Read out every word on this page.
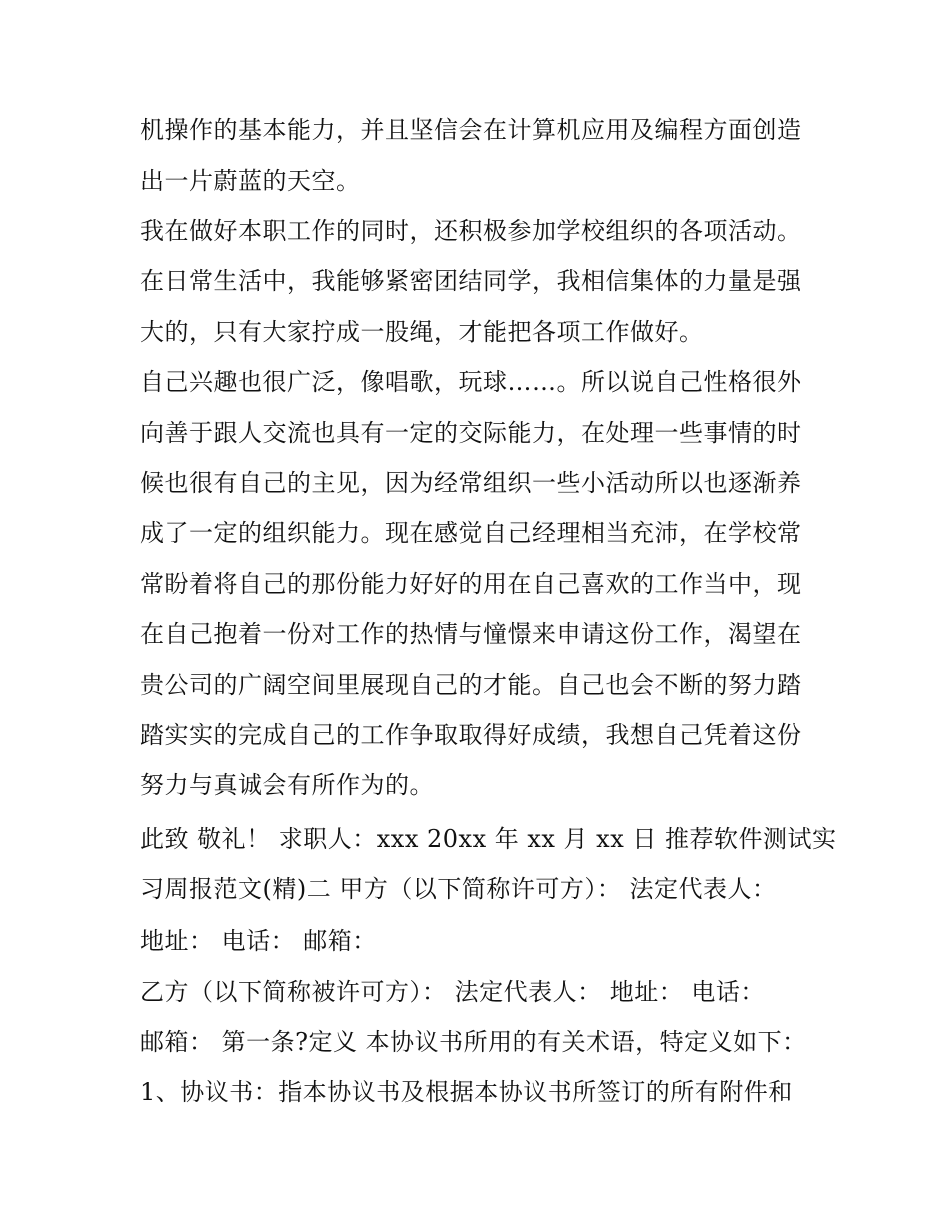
机操作的基本能力，并且坚信会在计算机应用及编程方面创造
出一片蔚蓝的天空。
我在做好本职工作的同时，还积极参加学校组织的各项活动。
在日常生活中，我能够紧密团结同学，我相信集体的力量是强
大的，只有大家拧成一股绳，才能把各项工作做好。
自己兴趣也很广泛，像唱歌，玩球……。所以说自己性格很外
向善于跟人交流也具有一定的交际能力，在处理一些事情的时
候也很有自己的主见，因为经常组织一些小活动所以也逐渐养
成了一定的组织能力。现在感觉自己经理相当充沛，在学校常
常盼着将自己的那份能力好好的用在自己喜欢的工作当中，现
在自己抱着一份对工作的热情与憧憬来申请这份工作，渴望在
贵公司的广阔空间里展现自己的才能。自己也会不断的努力踏
踏实实的完成自己的工作争取取得好成绩，我想自己凭着这份
努力与真诚会有所作为的。
此致 敬礼！ 求职人：xxx 20xx 年 xx 月 xx 日 推荐软件测试实
习周报范文(精)二 甲方（以下简称许可方）： 法定代表人：
地址： 电话： 邮箱：
乙方（以下简称被许可方）： 法定代表人： 地址： 电话：
邮箱： 第一条?定义 本协议书所用的有关术语，特定义如下：
1、协议书：指本协议书及根据本协议书所签订的所有附件和
